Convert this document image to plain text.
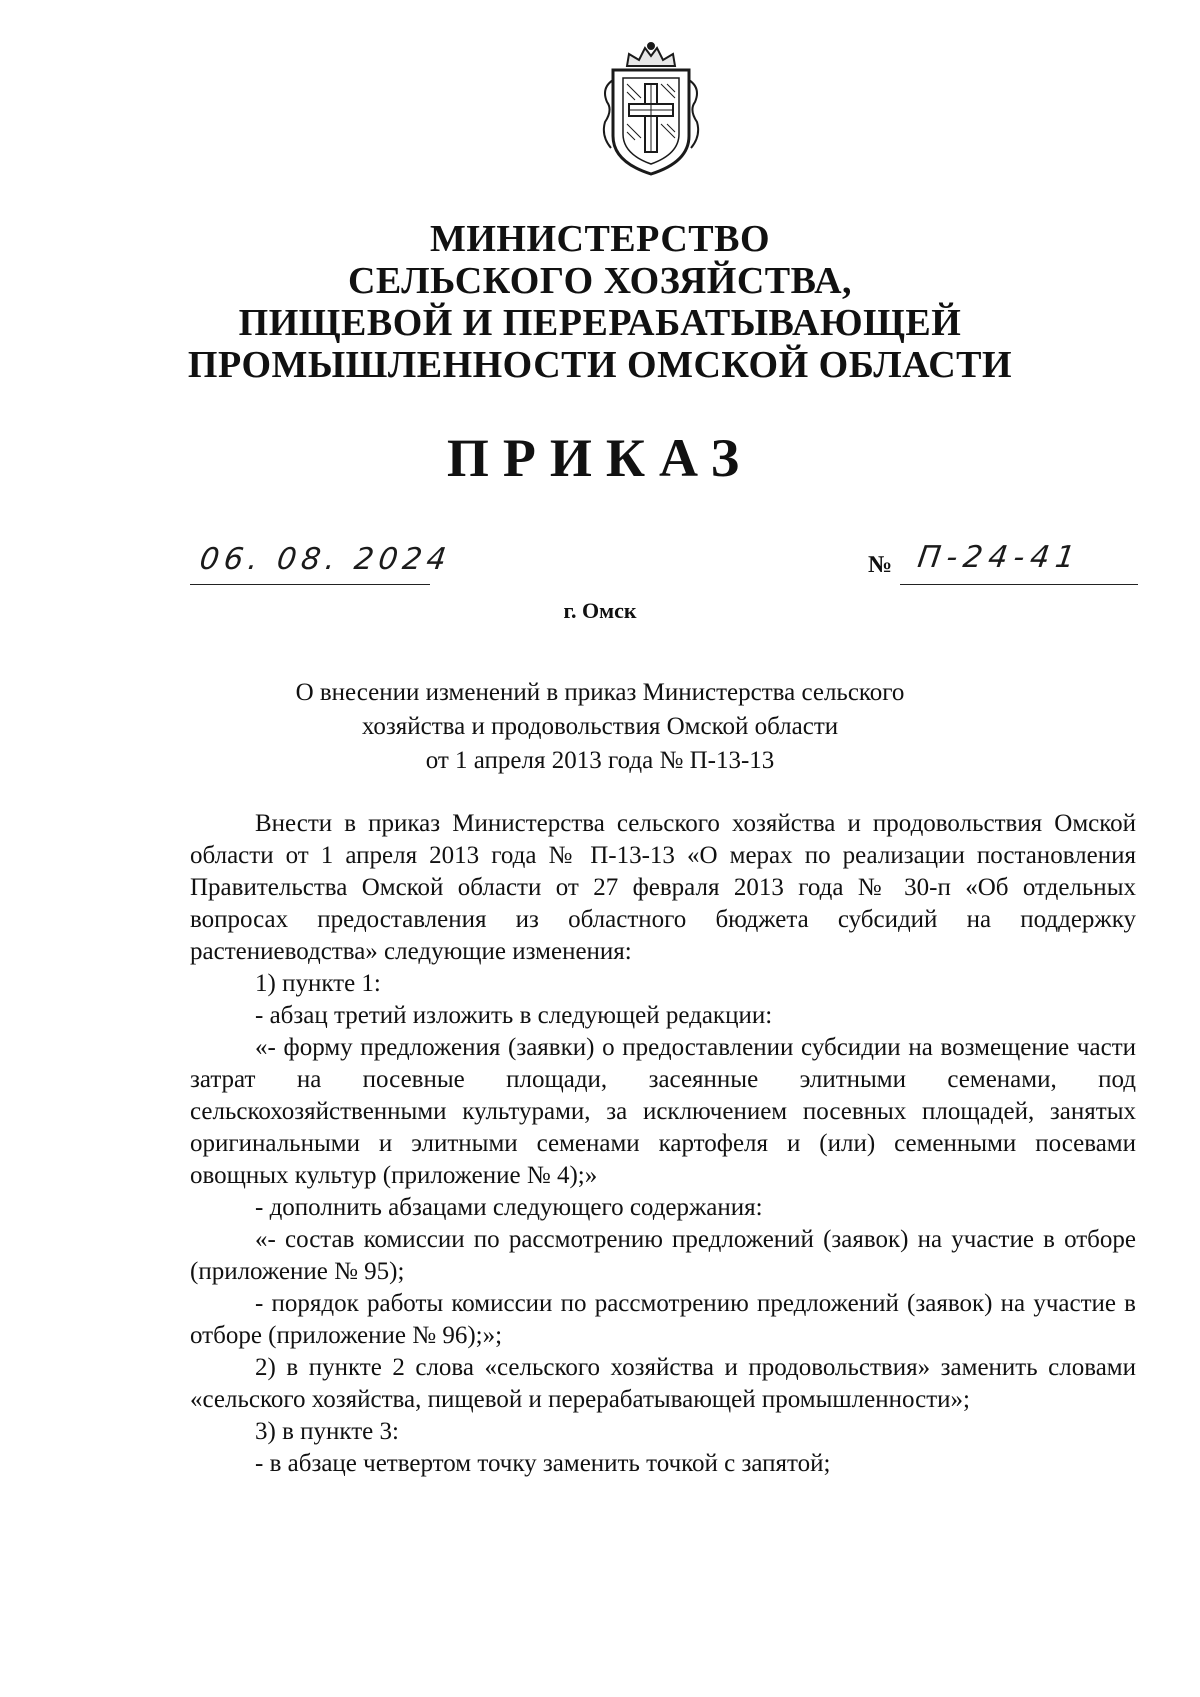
МИНИСТЕРСТВО
СЕЛЬСКОГО ХОЗЯЙСТВА,
ПИЩЕВОЙ И ПЕРЕРАБАТЫВАЮЩЕЙ
ПРОМЫШЛЕННОСТИ ОМСКОЙ ОБЛАСТИ
ПРИКАЗ
06. 08. 2024	№ П-24-41
г. Омск
О внесении изменений в приказ Министерства сельского
хозяйства и продовольствия Омской области
от 1 апреля 2013 года № П-13-13
Внести в приказ Министерства сельского хозяйства и продовольствия Омской области от 1 апреля 2013 года № П-13-13 «О мерах по реализации постановления Правительства Омской области от 27 февраля 2013 года № 30-п «Об отдельных вопросах предоставления из областного бюджета субсидий на поддержку растениеводства» следующие изменения:
1) пункте 1:
- абзац третий изложить в следующей редакции:
«- форму предложения (заявки) о предоставлении субсидии на возмещение части затрат на посевные площади, засеянные элитными семенами, под сельскохозяйственными культурами, за исключением посевных площадей, занятых оригинальными и элитными семенами картофеля и (или) семенными посевами овощных культур (приложение № 4);»
- дополнить абзацами следующего содержания:
«- состав комиссии по рассмотрению предложений (заявок) на участие в отборе (приложение № 95);
- порядок работы комиссии по рассмотрению предложений (заявок) на участие в отборе (приложение № 96);»;
2) в пункте 2 слова «сельского хозяйства и продовольствия» заменить словами «сельского хозяйства, пищевой и перерабатывающей промышленности»;
3) в пункте 3:
- в абзаце четвертом точку заменить точкой с запятой;
